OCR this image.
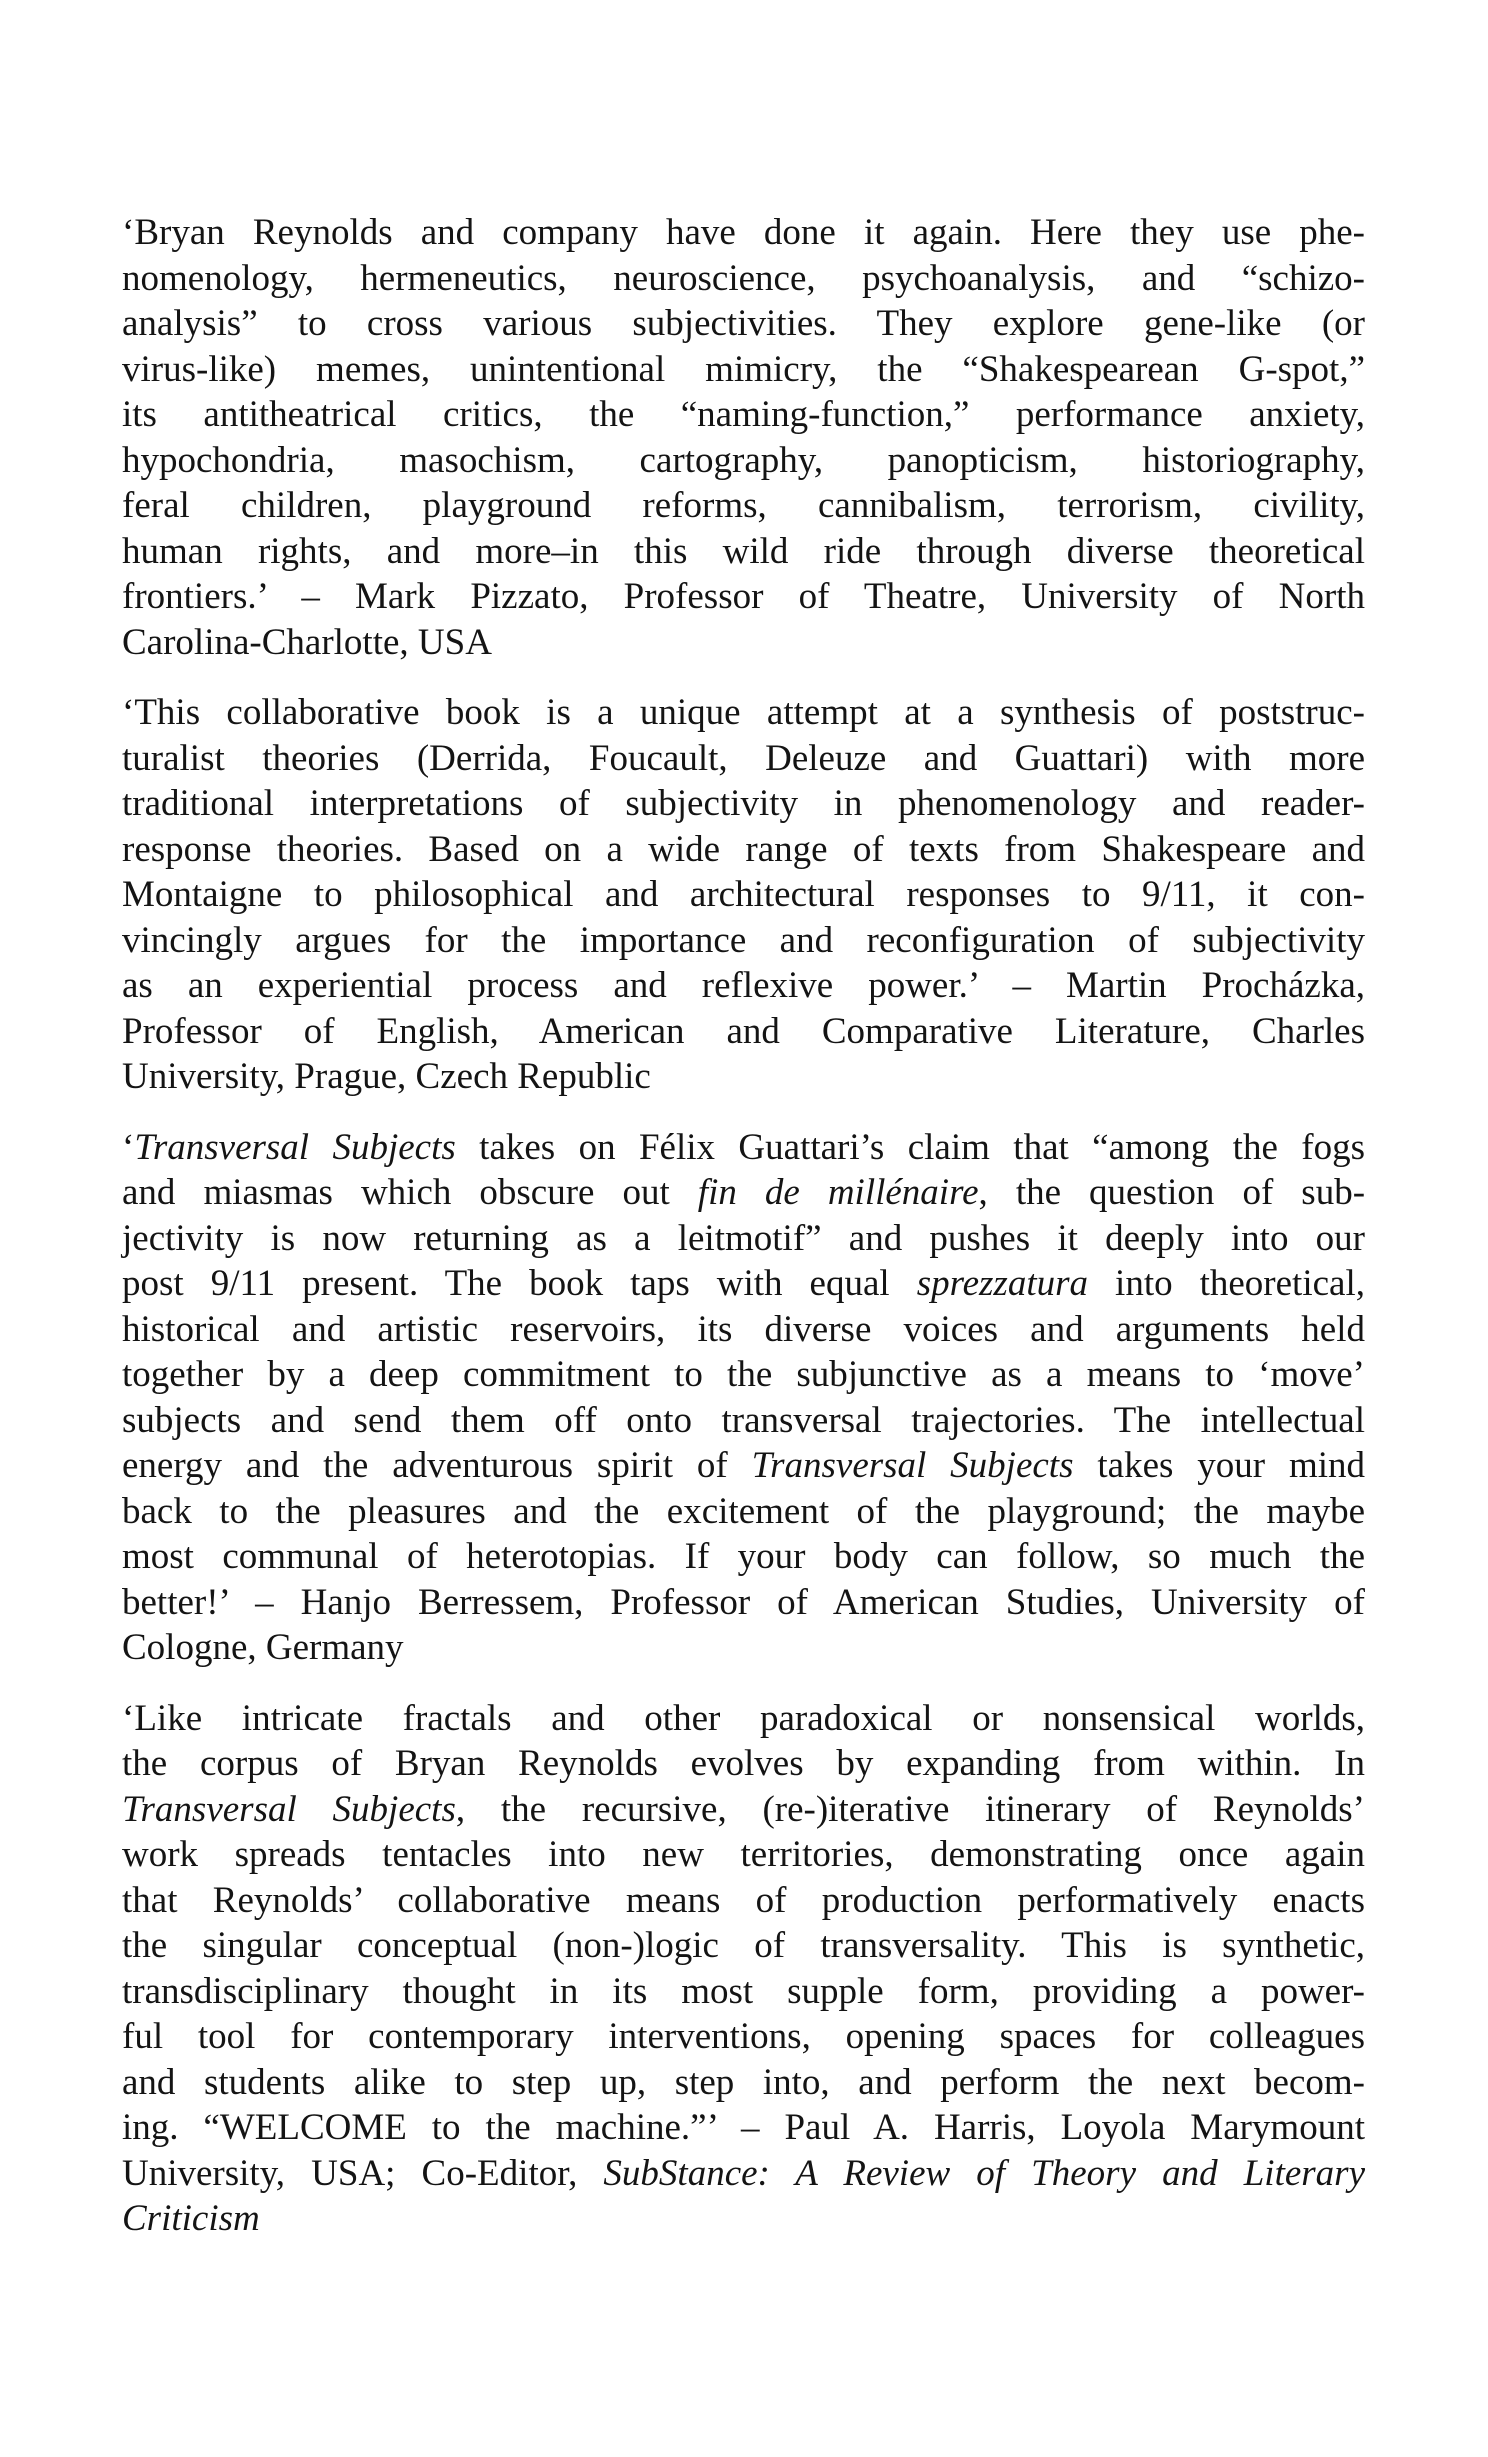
‘Bryan Reynolds and company have done it again. Here they use phe-
nomenology, hermeneutics, neuroscience, psychoanalysis, and “schizo-
analysis” to cross various subjectivities. They explore gene-like (or
virus-like) memes, unintentional mimicry, the “Shakespearean G-spot,”
its antitheatrical critics, the “naming-function,” performance anxiety,
hypochondria, masochism, cartography, panopticism, historiography,
feral children, playground reforms, cannibalism, terrorism, civility,
human rights, and more–in this wild ride through diverse theoretical
frontiers.’ – Mark Pizzato, Professor of Theatre, University of North
Carolina-Charlotte, USA
‘This collaborative book is a unique attempt at a synthesis of poststruc-
turalist theories (Derrida, Foucault, Deleuze and Guattari) with more
traditional interpretations of subjectivity in phenomenology and reader-
response theories. Based on a wide range of texts from Shakespeare and
Montaigne to philosophical and architectural responses to 9/11, it con-
vincingly argues for the importance and reconfiguration of subjectivity
as an experiential process and reflexive power.’ – Martin Procházka,
Professor of English, American and Comparative Literature, Charles
University, Prague, Czech Republic
‘Transversal Subjects takes on Félix Guattari’s claim that “among the fogs
and miasmas which obscure out fin de millénaire, the question of sub-
jectivity is now returning as a leitmotif” and pushes it deeply into our
post 9/11 present. The book taps with equal sprezzatura into theoretical,
historical and artistic reservoirs, its diverse voices and arguments held
together by a deep commitment to the subjunctive as a means to ‘move’
subjects and send them off onto transversal trajectories. The intellectual
energy and the adventurous spirit of Transversal Subjects takes your mind
back to the pleasures and the excitement of the playground; the maybe
most communal of heterotopias. If your body can follow, so much the
better!’ – Hanjo Berressem, Professor of American Studies, University of
Cologne, Germany
‘Like intricate fractals and other paradoxical or nonsensical worlds,
the corpus of Bryan Reynolds evolves by expanding from within. In
Transversal Subjects, the recursive, (re-)iterative itinerary of Reynolds’
work spreads tentacles into new territories, demonstrating once again
that Reynolds’ collaborative means of production performatively enacts
the singular conceptual (non-)logic of transversality. This is synthetic,
transdisciplinary thought in its most supple form, providing a power-
ful tool for contemporary interventions, opening spaces for colleagues
and students alike to step up, step into, and perform the next becom-
ing. “WELCOME to the machine.”’ – Paul A. Harris, Loyola Marymount
University, USA; Co-Editor, SubStance: A Review of Theory and Literary
Criticism
